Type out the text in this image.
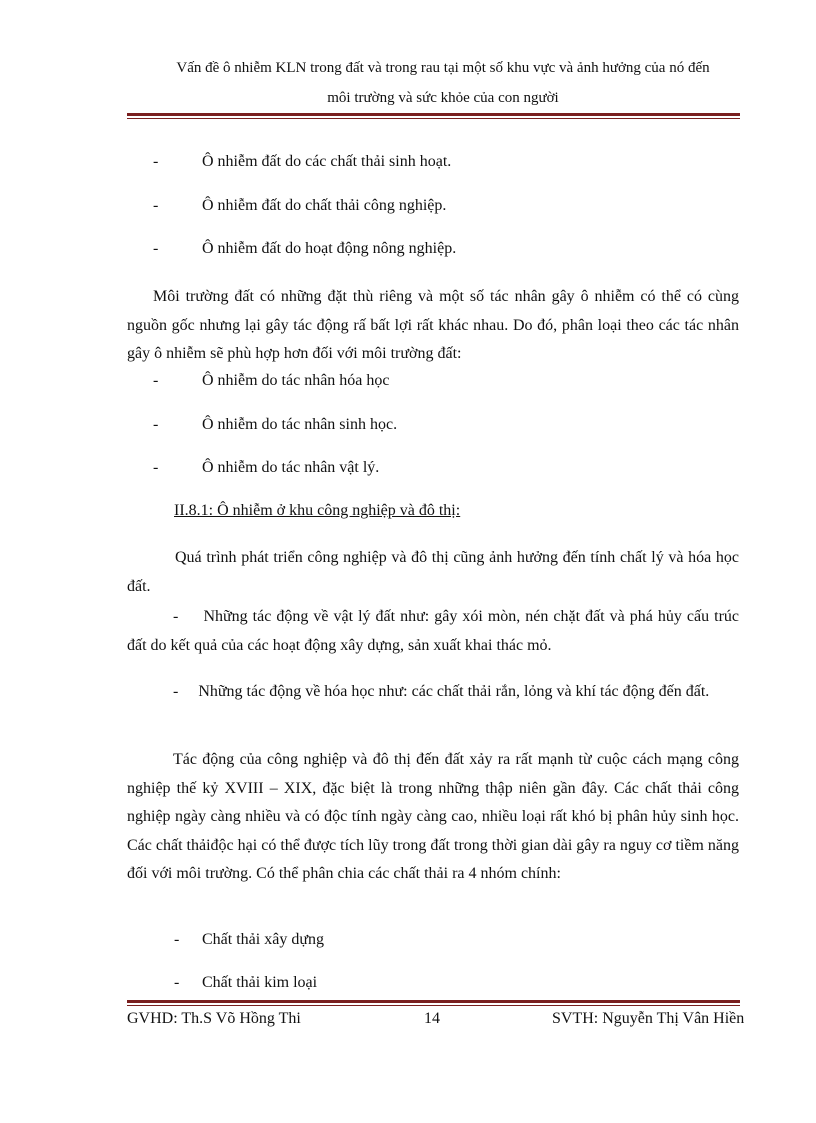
Vấn đề ô nhiễm KLN trong đất và trong rau tại một số khu vực và ảnh hưởng của nó đến
môi trường và sức khỏe của con người
-	Ô nhiễm đất do các chất thải sinh hoạt.
-	Ô nhiễm đất do chất thải công nghiệp.
-	Ô nhiễm đất do hoạt động nông nghiệp.
Môi trường đất có những đặt thù riêng và một số tác nhân gây ô nhiễm có thể có cùng nguồn gốc nhưng lại gây tác động rấ bất lợi rất khác nhau. Do đó, phân loại theo các tác nhân gây ô nhiễm sẽ phù hợp hơn đối với môi trường đất:
-	Ô nhiễm do tác nhân hóa học
-	Ô nhiễm do tác nhân sinh học.
-	Ô nhiễm do tác nhân vật lý.
II.8.1: Ô nhiễm ở khu công nghiệp và đô thị:
Quá trình phát triển công nghiệp và đô thị cũng ảnh hưởng đến tính chất lý và hóa học đất.
- Những tác động về vật lý đất như: gây xói mòn, nén chặt đất và phá hủy cấu trúc đất do kết quả của các hoạt động xây dựng, sản xuất khai thác mỏ.
- Những tác động về hóa học như: các chất thải rắn, lỏng và khí tác động đến đất.
Tác động của công nghiệp và đô thị đến đất xảy ra rất mạnh từ cuộc cách mạng công nghiệp thế kỷ XVIII – XIX, đặc biệt là trong những thập niên gần đây. Các chất thải công nghiệp ngày càng nhiều và có độc tính ngày càng cao, nhiều loại rất khó bị phân hủy sinh học. Các chất thảiđộc hại có thể được tích lũy trong đất trong thời gian dài gây ra nguy cơ tiềm năng đối với môi trường. Có thể phân chia các chất thải ra 4 nhóm chính:
- Chất thải xây dựng
- Chất thải kim loại
GVHD: Th.S Võ Hồng Thi	14	SVTH: Nguyễn Thị Vân Hiền
